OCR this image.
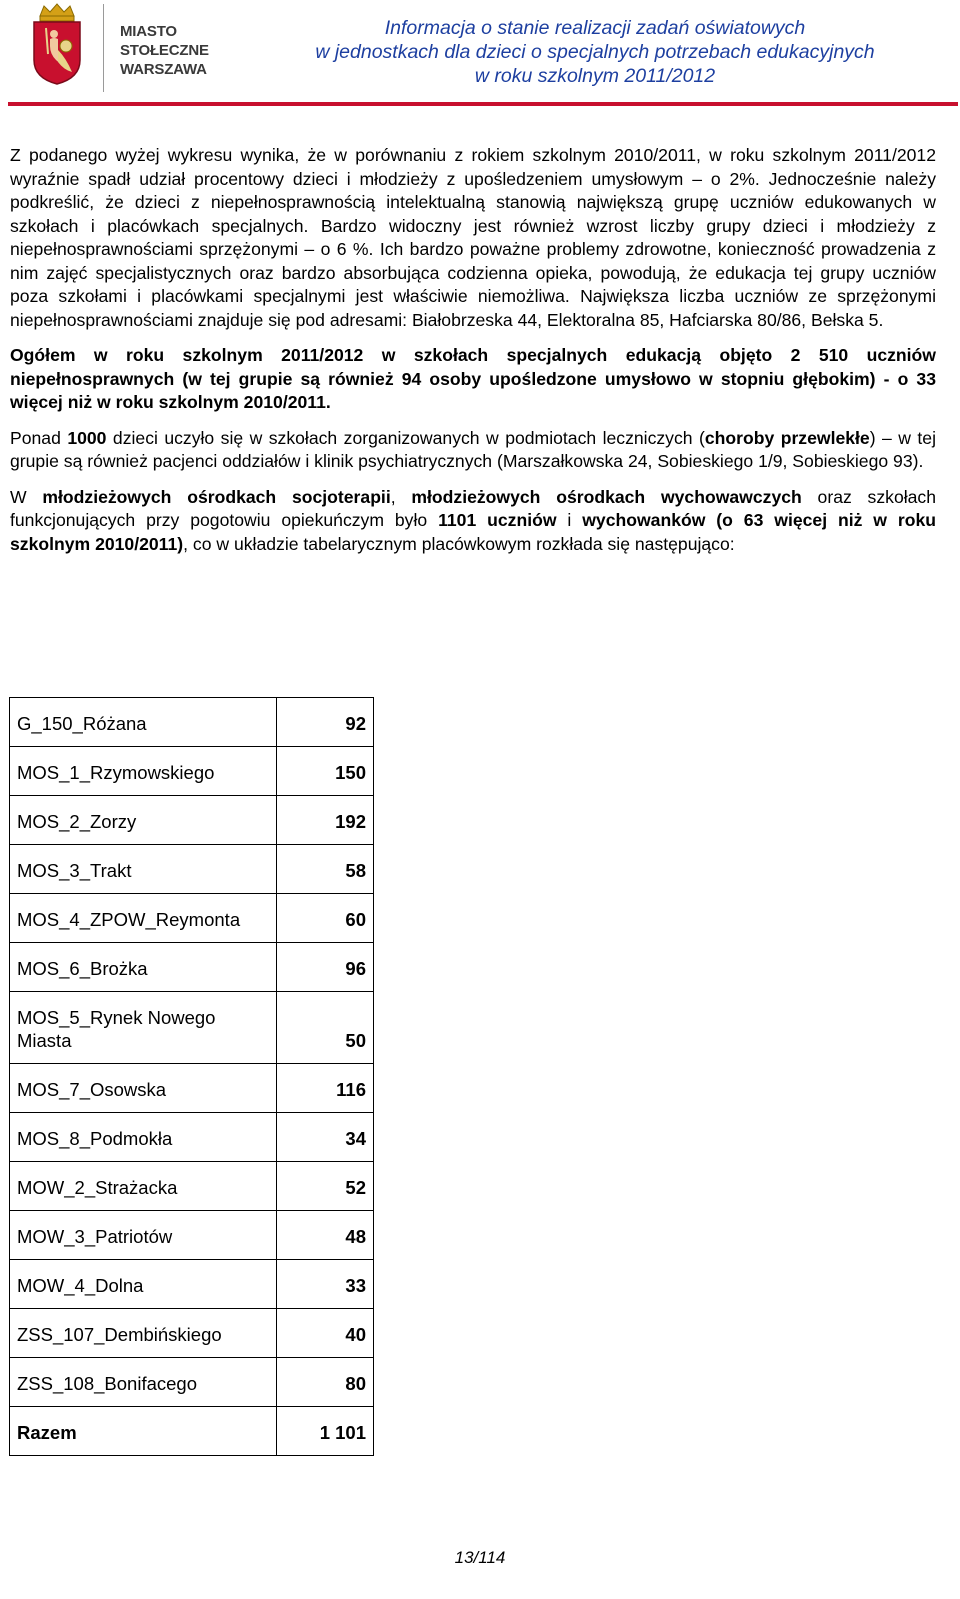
MIASTO
STOŁECZNE
WARSZAWA
Informacja o stanie realizacji zadań oświatowych
w jednostkach dla dzieci o specjalnych potrzebach edukacyjnych
w roku szkolnym 2011/2012

Z podanego wyżej wykresu wynika, że w porównaniu z rokiem szkolnym 2010/2011, w roku szkolnym 2011/2012 wyraźnie spadł udział procentowy dzieci i młodzieży z upośledzeniem umysłowym – o 2%. Jednocześnie należy podkreślić, że dzieci z niepełnosprawnością intelektualną stanowią największą grupę uczniów edukowanych w szkołach i placówkach specjalnych. Bardzo widoczny jest również wzrost liczby grupy dzieci i młodzieży z niepełnosprawnościami sprzężonymi – o 6 %. Ich bardzo poważne problemy zdrowotne, konieczność prowadzenia z nim zajęć specjalistycznych oraz bardzo absorbująca codzienna opieka, powodują, że edukacja tej grupy uczniów poza szkołami i placówkami specjalnymi jest właściwie niemożliwa. Największa liczba uczniów ze sprzężonymi niepełnosprawnościami znajduje się pod adresami: Białobrzeska 44, Elektoralna 85, Hafciarska 80/86, Bełska 5.

Ogółem w roku szkolnym 2011/2012 w szkołach specjalnych edukacją objęto 2 510 uczniów niepełnosprawnych (w tej grupie są również 94 osoby upośledzone umysłowo w stopniu głębokim) - o 33 więcej niż w roku szkolnym 2010/2011.

Ponad 1000 dzieci uczyło się w szkołach zorganizowanych w podmiotach leczniczych (choroby przewlekłe) – w tej grupie są również pacjenci oddziałów i klinik psychiatrycznych (Marszałkowska 24, Sobieskiego 1/9, Sobieskiego 93).

W młodzieżowych ośrodkach socjoterapii, młodzieżowych ośrodkach wychowawczych oraz szkołach funkcjonujących przy pogotowiu opiekuńczym było 1101 uczniów i wychowanków (o 63 więcej niż w roku szkolnym 2010/2011), co w układzie tabelarycznym placówkowym rozkłada się następująco:

G_150_Różana	92
MOS_1_Rzymowskiego	150
MOS_2_Zorzy	192
MOS_3_Trakt	58
MOS_4_ZPOW_Reymonta	60
MOS_6_Brożka	96
MOS_5_Rynek Nowego Miasta	50
MOS_7_Osowska	116
MOS_8_Podmokła	34
MOW_2_Strażacka	52
MOW_3_Patriotów	48
MOW_4_Dolna	33
ZSS_107_Dembińskiego	40
ZSS_108_Bonifacego	80
Razem	1 101
13/114
